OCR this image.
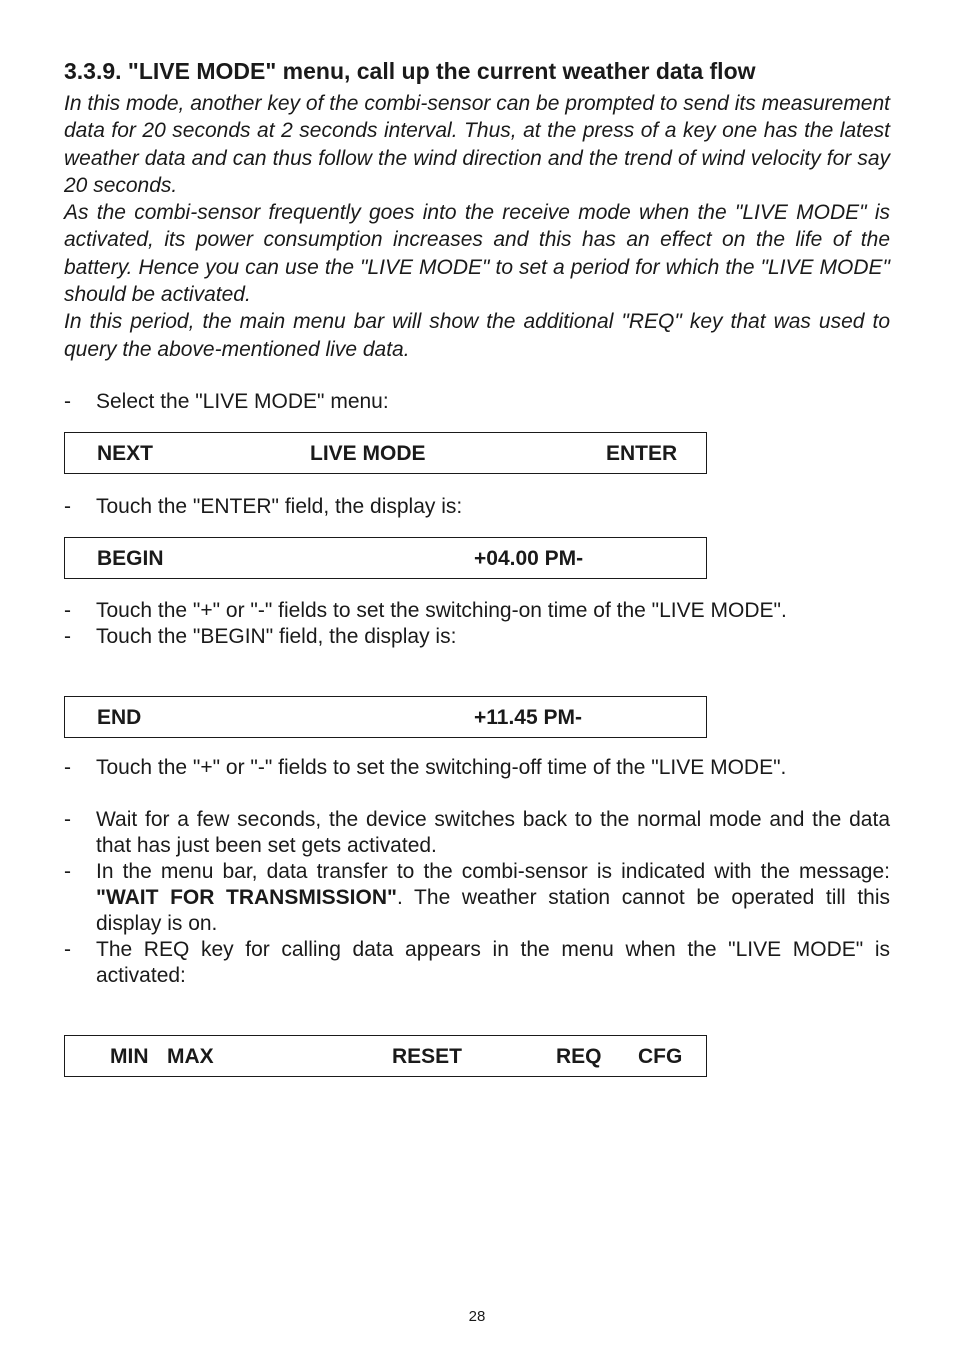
3.3.9. "LIVE MODE" menu, call up the current weather data flow

In this mode, another key of the combi-sensor can be prompted to send its measurement data for 20 seconds at 2 seconds interval. Thus, at the press of a key one has the latest weather data and can thus follow the wind direction and the trend of wind velocity for say 20 seconds.

As the combi-sensor frequently goes into the receive mode when the "LIVE MODE" is activated, its power consumption increases and this has an effect on the life of the battery. Hence you can use the "LIVE MODE" to set a period for which the "LIVE MODE" should be activated.

In this period, the main menu bar will show the additional "REQ" key that was used to query the above-mentioned live data.

-	Select the "LIVE MODE" menu:
NEXT	LIVE MODE	ENTER
-	Touch the "ENTER" field, the display is:
BEGIN	+04.00 PM-
-	Touch the "+" or "-" fields to set the switching-on time of the "LIVE MODE".
-	Touch the "BEGIN" field, the display is:
END	+11.45 PM-
-	Touch the "+" or "-" fields to set the switching-off time of the "LIVE MODE".
-	Wait for a few seconds, the device switches back to the normal mode and the data that has just been set gets activated.
-	In the menu bar, data transfer to the combi-sensor is indicated with the message: "WAIT FOR TRANSMISSION". The weather station cannot be operated till this display is on.
-	The REQ key for calling data appears in the menu when the "LIVE MODE" is activated:
MIN MAX	RESET	REQ CFG
28
